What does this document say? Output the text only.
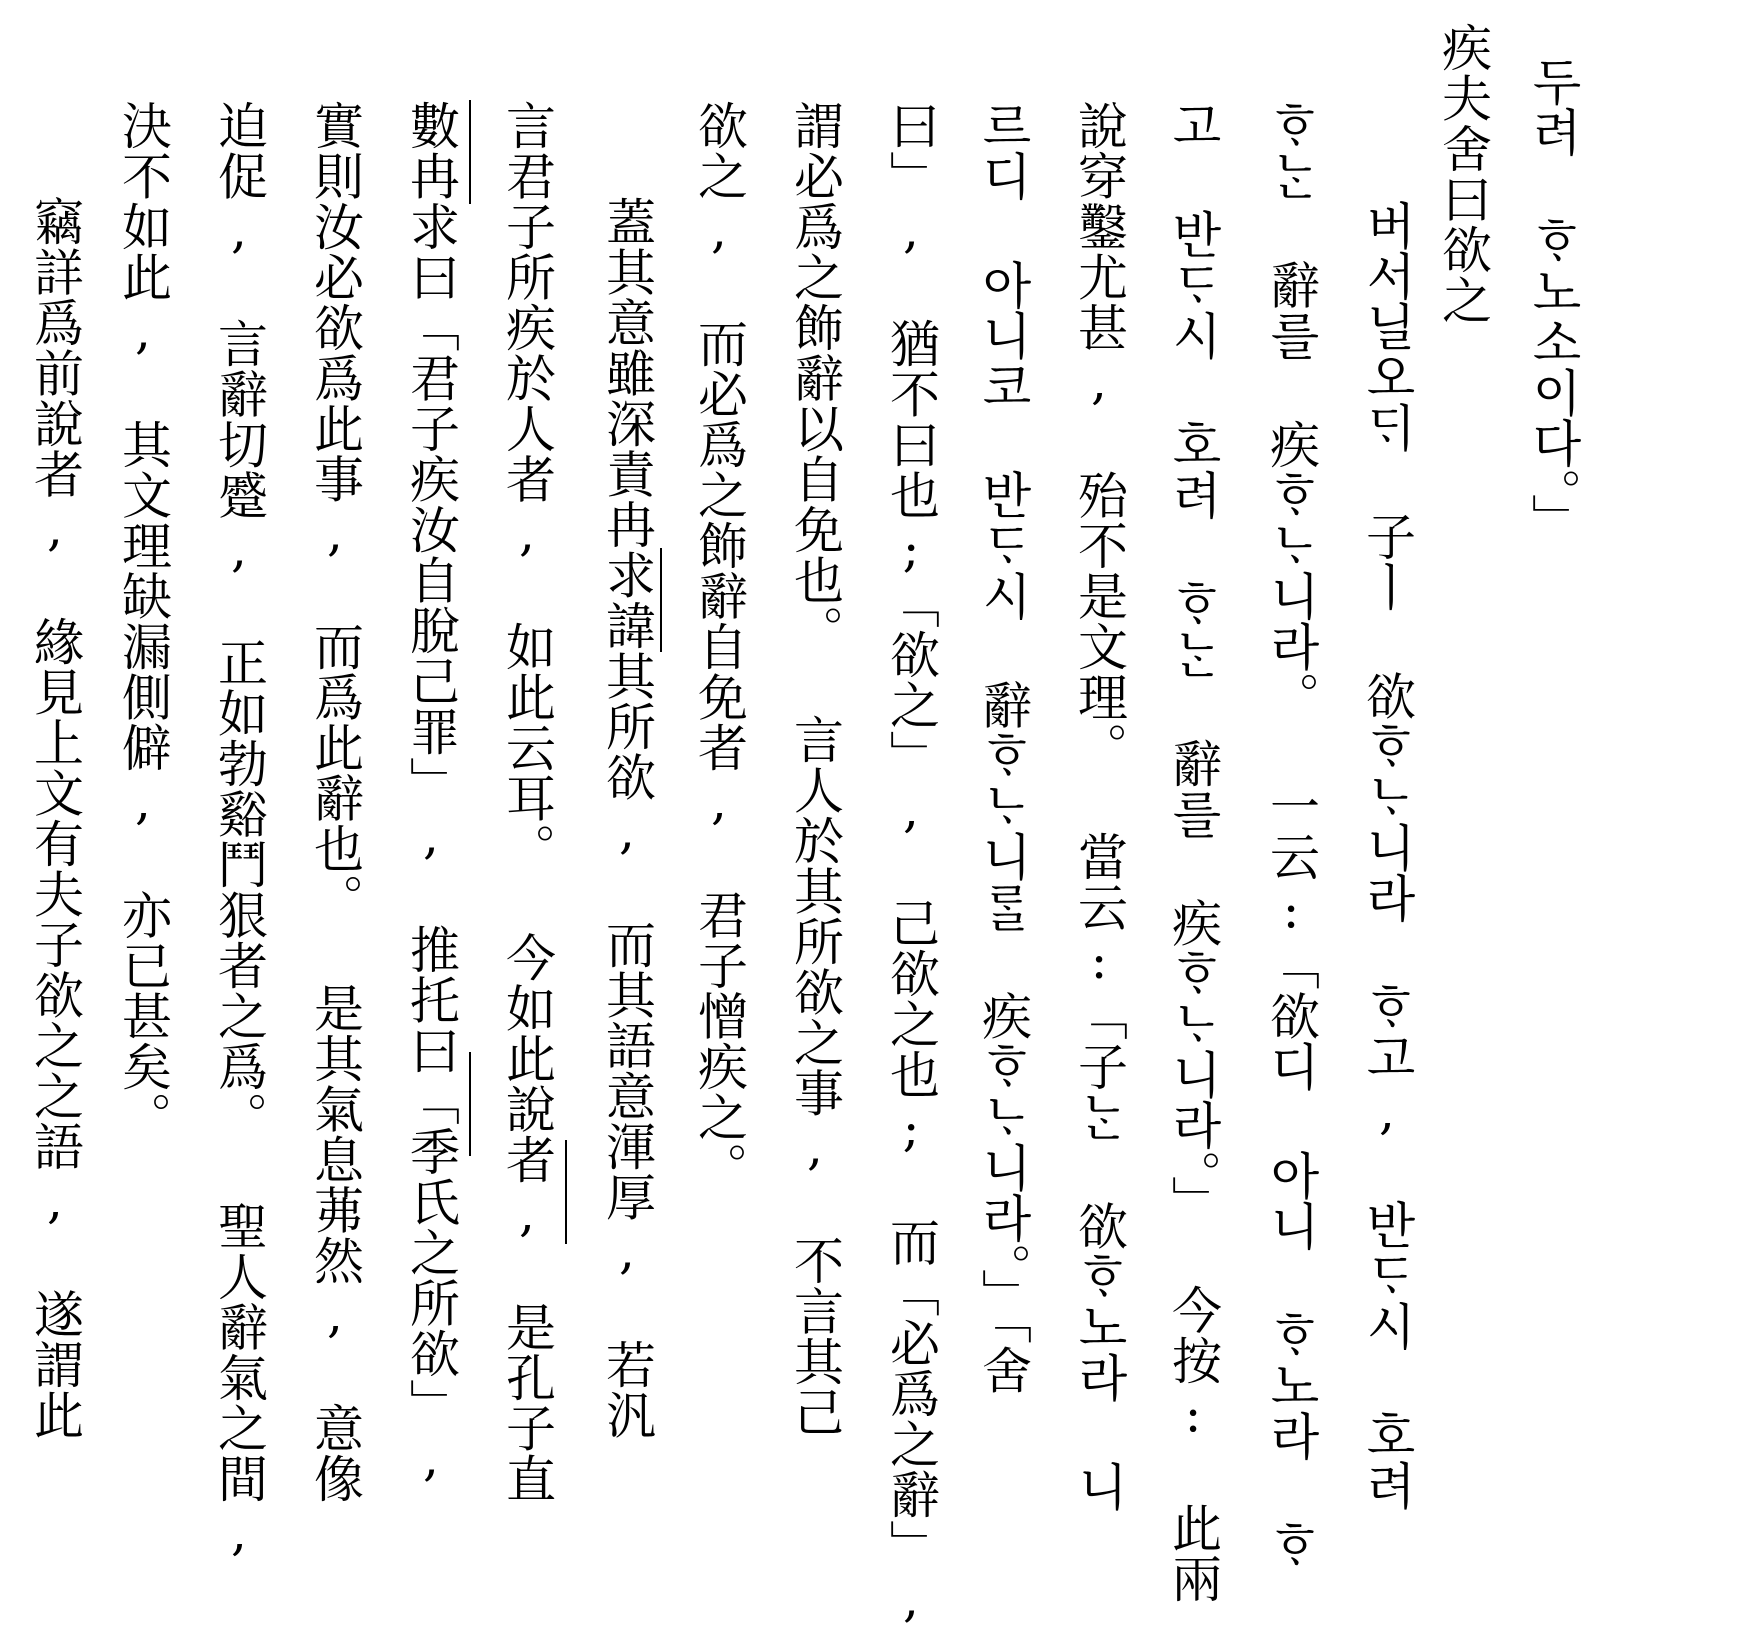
두려 ᄒᆞ노소이다。」
疾夫舍曰欲之
버서닐오ᄃᆡ 子ㅣ 欲ᄒᆞᄂᆞ니라 ᄒᆞ고, 반ᄃᆞ시 호려
ᄒᆞᄂᆞᆫ 辭를 疾ᄒᆞᄂᆞ니라。 一云:「欲디 아니 ᄒᆞ노라 ᄒᆞ
고 반ᄃᆞ시 호려 ᄒᆞᄂᆞᆫ 辭를 疾ᄒᆞᄂᆞ니라。」 今按: 此兩
說穿鑿尤甚, 殆不是文理。 當云:「子ᄂᆞᆫ 欲ᄒᆞ노라 니
르디 아니코 반ᄃᆞ시 辭ᄒᆞᄂᆞ니ᄅᆞᆯ 疾ᄒᆞᄂᆞ니라。」「舍
曰」, 猶不曰也;「欲之」, 己欲之也; 而「必爲之辭」,
謂必爲之飾辭以自免也。 言人於其所欲之事, 不言其己
欲之, 而必爲之飾辭自免者, 君子憎疾之。
蓋其意雖深責冉求諱其所欲, 而其語意渾厚, 若汎
言君子所疾於人者, 如此云耳。 今如此說者, 是孔子直
數冉求曰「君子疾汝自脫己罪」, 推托曰「季氏之所欲」,
實則汝必欲爲此事, 而爲此辭也。 是其氣息茀然, 意像
迫促, 言辭切蹙, 正如勃谿鬥狠者之爲。 聖人辭氣之間,
決不如此, 其文理缺漏側僻, 亦已甚矣。
竊詳爲前說者, 緣見上文有夫子欲之之語, 遂謂此
